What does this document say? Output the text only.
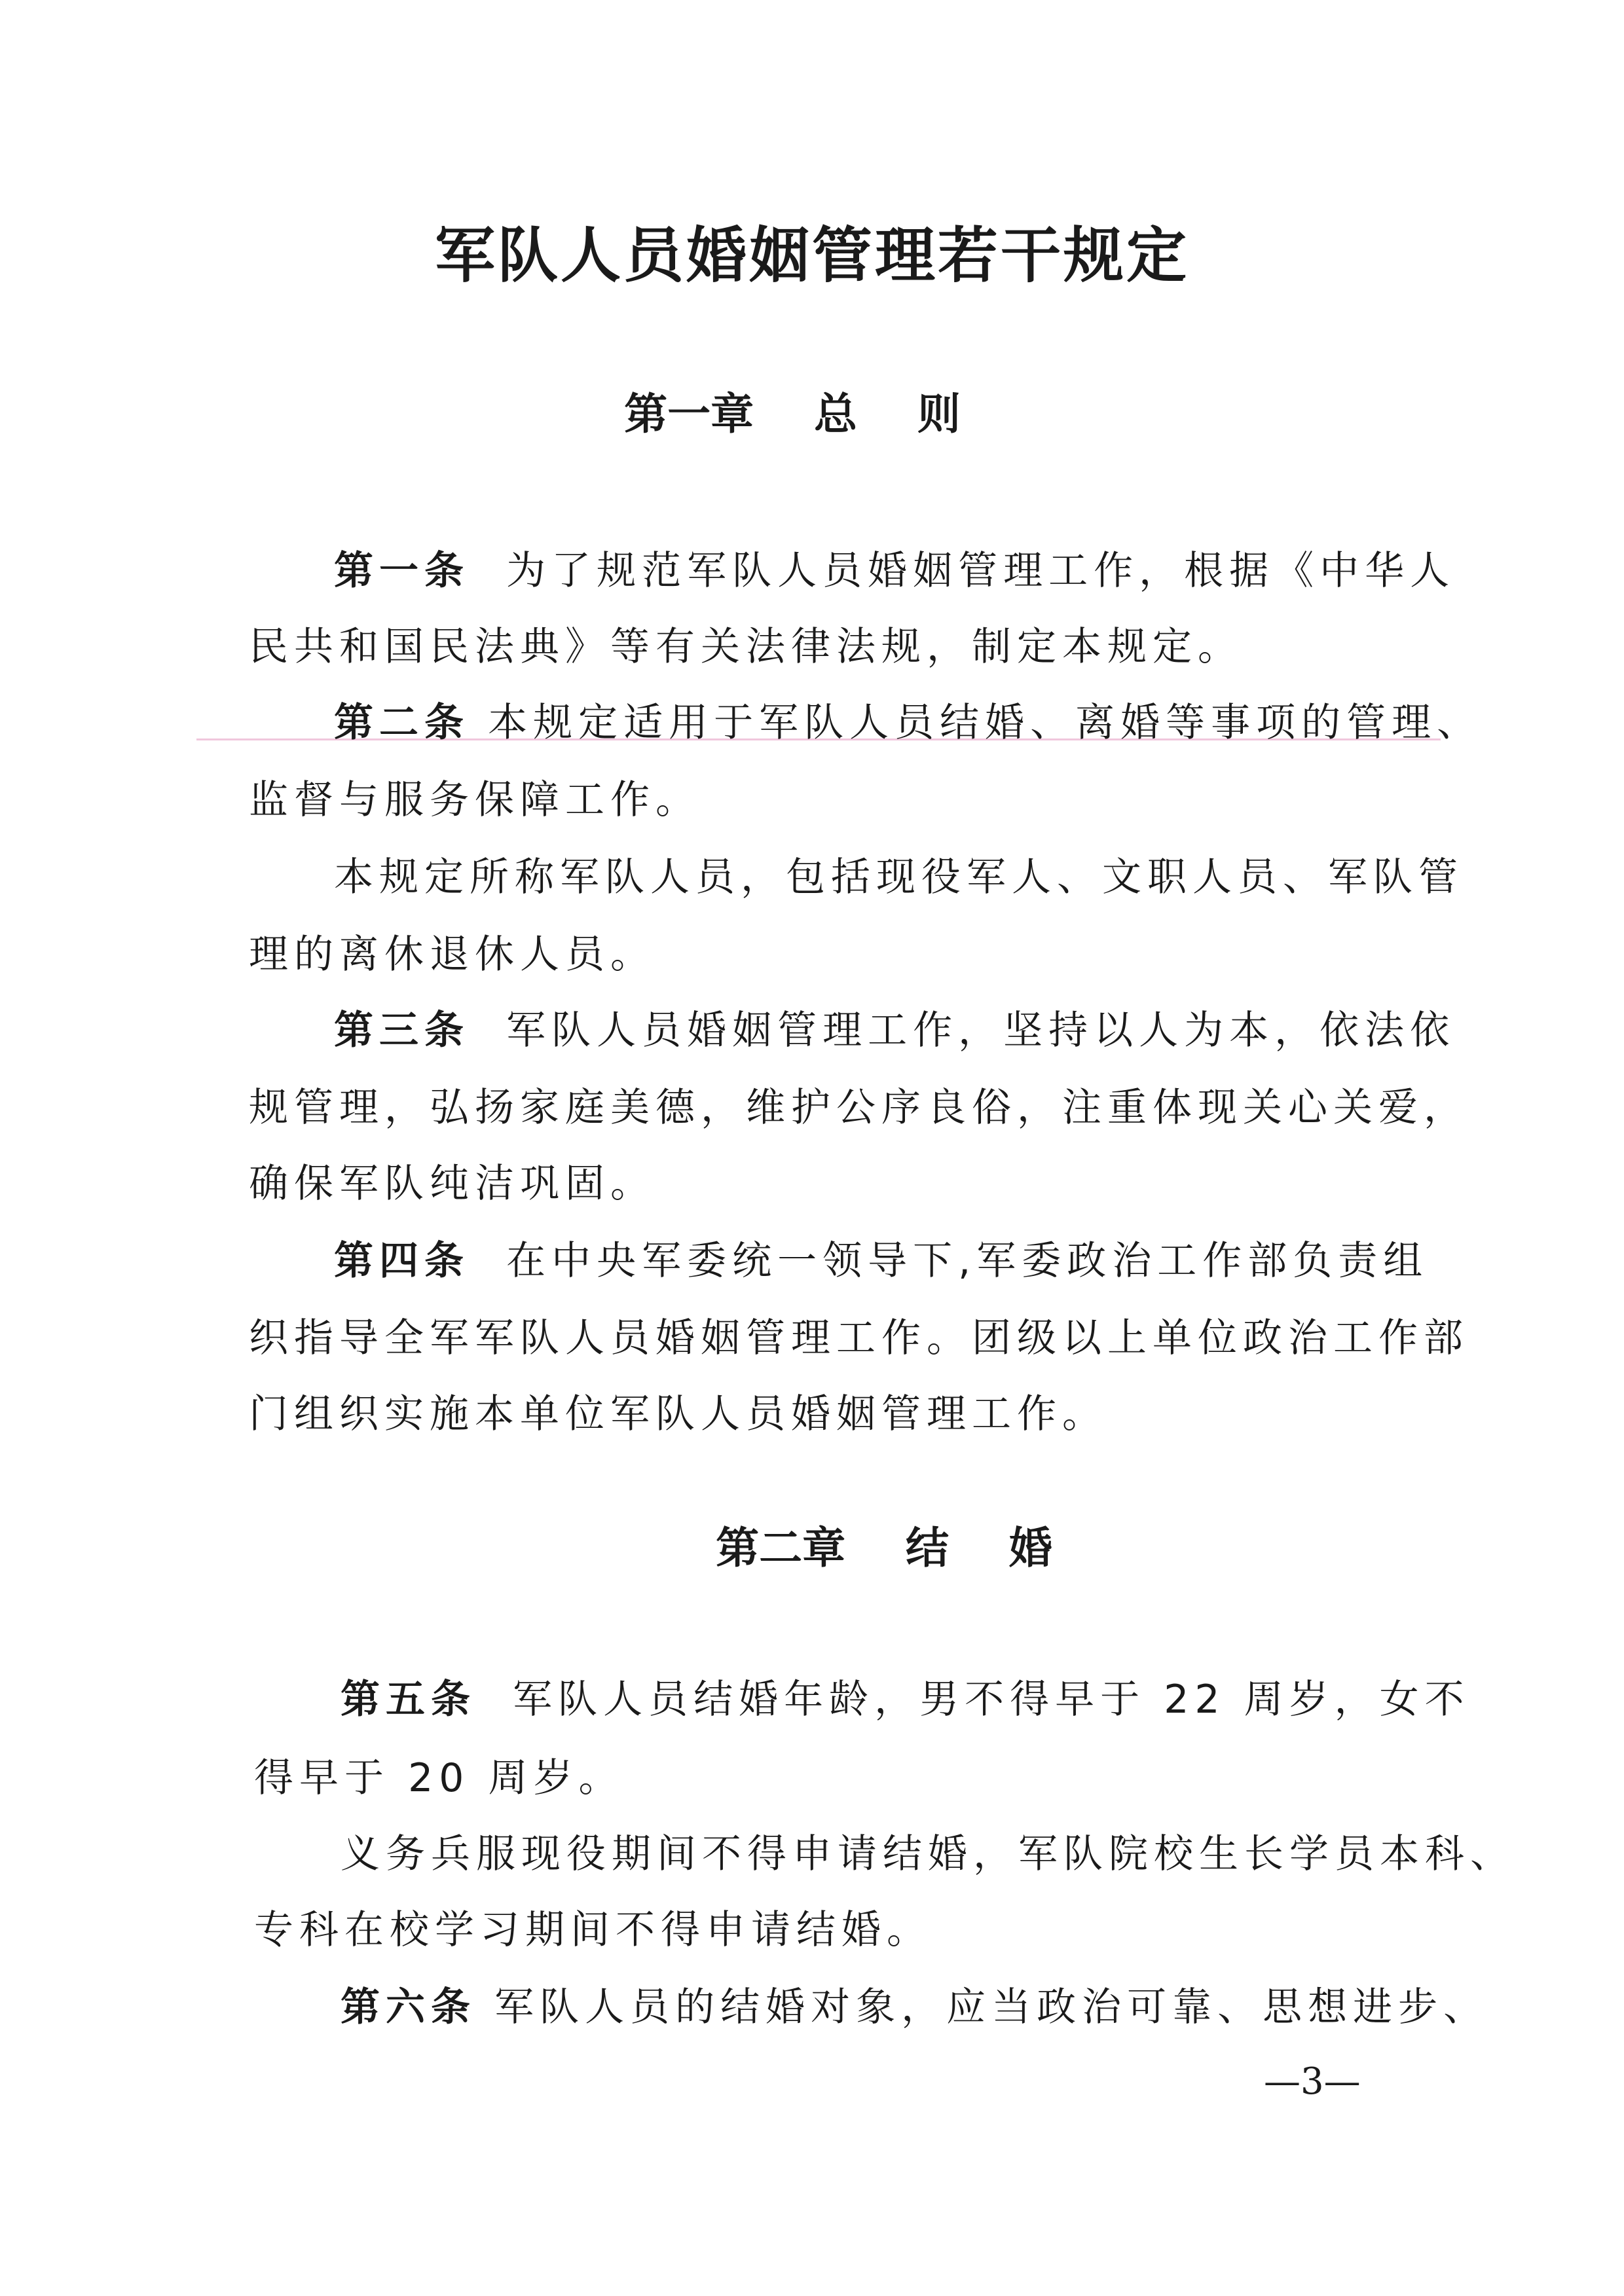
军队人员婚姻管理若干规定
第一章    总    则
第一条  为了规范军队人员婚姻管理工作，根据《中华人
民共和国民法典》等有关法律法规，制定本规定。
第二条 本规定适用于军队人员结婚、离婚等事项的管理、
监督与服务保障工作。
本规定所称军队人员，包括现役军人、文职人员、军队管
理的离休退休人员。
第三条  军队人员婚姻管理工作，坚持以人为本，依法依
规管理，弘扬家庭美德，维护公序良俗，注重体现关心关爱，
确保军队纯洁巩固。
第四条  在中央军委统一领导下,军委政治工作部负责组
织指导全军军队人员婚姻管理工作。团级以上单位政治工作部
门组织实施本单位军队人员婚姻管理工作。
第二章    结    婚
第五条  军队人员结婚年龄，男不得早于 22 周岁，女不
得早于 20 周岁。
义务兵服现役期间不得申请结婚，军队院校生长学员本科、
专科在校学习期间不得申请结婚。
第六条 军队人员的结婚对象，应当政治可靠、思想进步、
—3—
